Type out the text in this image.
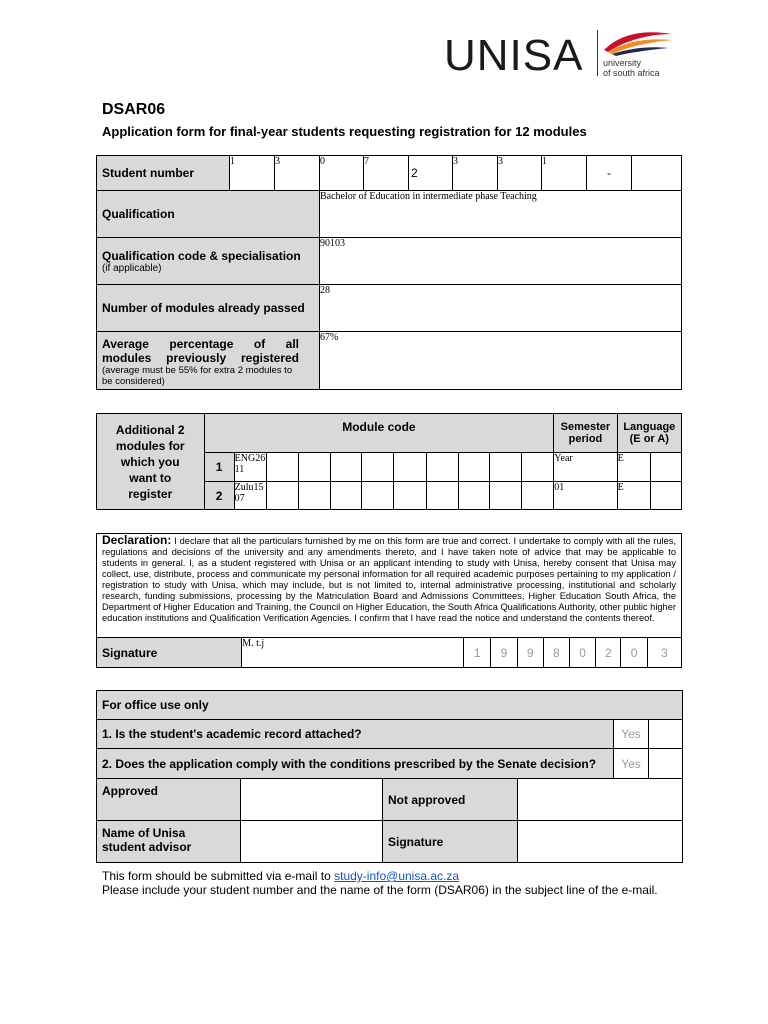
UNISA university
of south africa
DSAR06
Application form for final-year students requesting registration for 12 modules
Student number	1	3	0	7	2	3	3	1	-	
Qualification			Bachelor of Education in intermediate phase Teaching							

Qualification code & specialisation
(if applicable)			90103							
Number of modules already passed			28							

Average percentage of all
modules previously registered
(average must be 55% for extra 2 modules to be considered)			67%							
Additional 2 modules for which you want to register	Module code											Semester period	Language (E or A)	
	1	ENG2611										Year	E	
	2	Zulu1507										01	E	
Declaration: I declare that all the particulars furnished by me on this form are true and correct. I undertake to comply with all the rules, regulations and decisions of the university and any amendments thereto, and I have taken note of advice that may be applicable to students in general. I, as a student registered with Unisa or an applicant intending to study with Unisa, hereby consent that Unisa may collect, use, distribute, process and communicate my personal information for all required academic purposes pertaining to my application / registration to study with Unisa, which may include, but is not limited to, internal administrative processing, institutional and scholarly research, funding submissions, processing by the Matriculation Board and Admissions Committees, Higher Education South Africa, the Department of Higher Education and Training, the Council on Higher Education, the South Africa Qualifications Authority, other public higher education institutions and Qualification Verification Agencies. I confirm that I have read the notice and understand the contents thereof.
Signature	M. t.j	1	9	9	8	0	2	0	3
For office use only					
1. Is the student's academic record attached?				Yes	
2. Does the application comply with the conditions prescribed by the Senate decision?				Yes	
Approved		Not approved			

Name of Unisa
student advisor		Signature			
This form should be submitted via e-mail to study-info@unisa.ac.za
Please include your student number and the name of the form (DSAR06) in the subject line of the e-mail.
